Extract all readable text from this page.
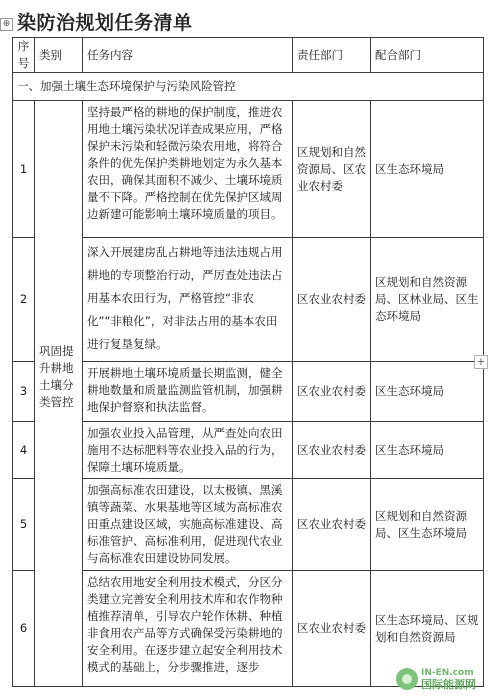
⊕ 染防治规划任务清单
序号	类别	任务内容	责任部门	配合部门
一、加强土壤生态环境保护与污染风险管控				
1	巩固提升耕地土壤分类管控	坚持最严格的耕地的保护制度，推进农用地土壤污染状况详查成果应用，严格保护未污染和轻微污染农用地，将符合条件的优先保护类耕地划定为永久基本农田，确保其面积不减少、土壤环境质量不下降。严格控制在优先保护区域周边新建可能影响土壤环境质量的项目。	区规划和自然资源局、区农业农村委	区生态环境局
2		深入开展建房乱占耕地等违法违规占用耕地的专项整治行动，严厉查处违法占用基本农田行为，严格管控“非农化”“非粮化”，对非法占用的基本农田进行复垦复绿。	区农业农村委	区规划和自然资源局、区林业局、区生态环境局
3		开展耕地土壤环境质量长期监测，健全耕地数量和质量监测监管机制，加强耕地保护督察和执法监督。	区农业农村委	区生态环境局
4		加强农业投入品管理，从严查处向农田施用不达标肥料等农业投入品的行为，保障土壤环境质量。	区农业农村委	区生态环境局
5		加强高标准农田建设，以太极镇、黑溪镇等蔬菜、水果基地等区域为高标准农田重点建设区域，实施高标准建设、高标准管护、高标准利用，促进现代农业与高标准农田建设协同发展。	区农业农村委	区规划和自然资源局、区生态环境局
6		总结农用地安全利用技术模式，分区分类建立完善安全利用技术库和农作物种植推荐清单，引导农户轮作休耕、种植非食用农产品等方式确保受污染耕地的安全利用。在逐步建立起安全利用技术模式的基础上，分步骤推进，逐步	区农业农村委	区生态环境局、区规划和自然资源局
+
IN-EN.com
国际能源网
